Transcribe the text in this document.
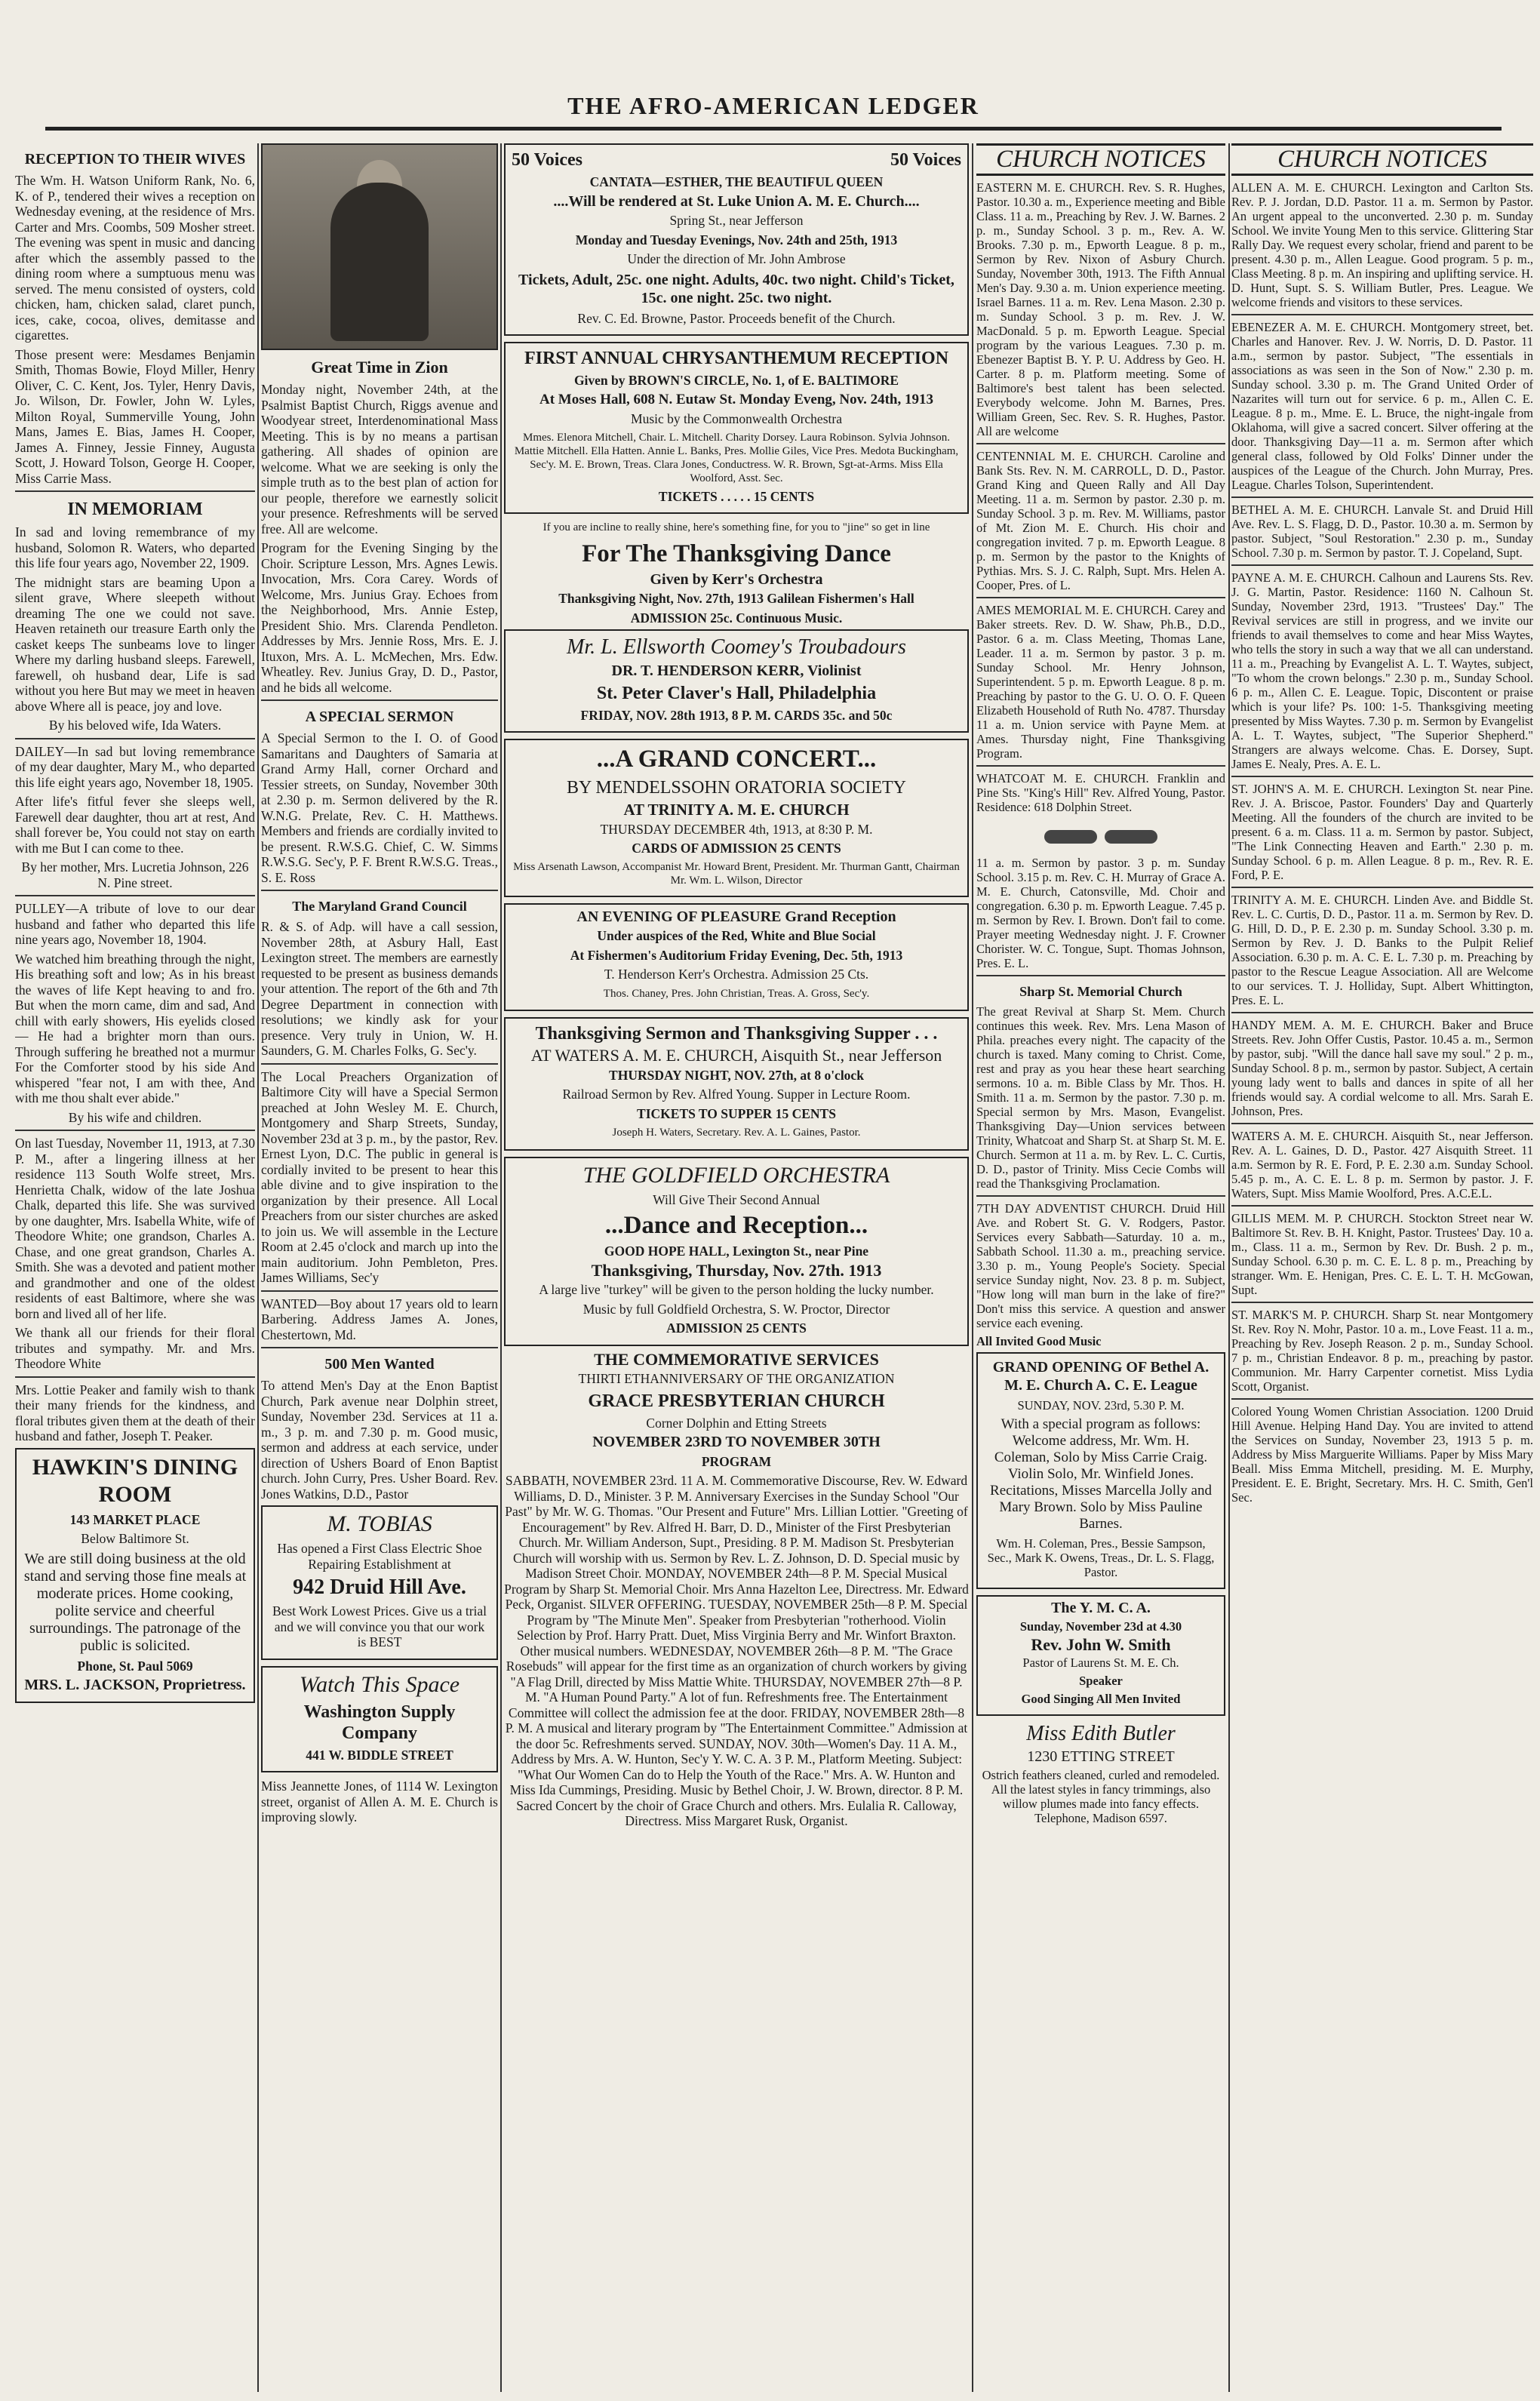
THE AFRO-AMERICAN LEDGER
RECEPTION TO THEIR WIVES

The Wm. H. Watson Uniform Rank, No. 6, K. of P., tendered their wives a reception on Wednesday evening, at the residence of Mrs. Carter and Mrs. Coombs, 509 Mosher street. The evening was spent in music and dancing after which the assembly passed to the dining room where a sumptuous menu was served. The menu consisted of oysters, cold chicken, ham, chicken salad, claret punch, ices, cake, cocoa, olives, demitasse and cigarettes.

Those present were: Mesdames Benjamin Smith, Thomas Bowie, Floyd Miller, Henry Oliver, C. C. Kent, Jos. Tyler, Henry Davis, Jo. Wilson, Dr. Fowler, John W. Lyles, Milton Royal, Summerville Young, John Mans, James E. Bias, James H. Cooper, James A. Finney, Jessie Finney, Augusta Scott, J. Howard Tolson, George H. Cooper, Miss Carrie Mass.

IN MEMORIAM

In sad and loving remembrance of my husband, Solomon R. Waters, who departed this life four years ago, November 22, 1909.

The midnight stars are beaming Upon a silent grave, Where sleepeth without dreaming The one we could not save. Heaven retaineth our treasure Earth only the casket keeps The sunbeams love to linger Where my darling husband sleeps. Farewell, farewell, oh husband dear, Life is sad without you here But may we meet in heaven above Where all is peace, joy and love.

By his beloved wife, Ida Waters.

DAILEY—In sad but loving remembrance of my dear daughter, Mary M., who departed this life eight years ago, November 18, 1905.

After life's fitful fever she sleeps well, Farewell dear daughter, thou art at rest, And shall forever be, You could not stay on earth with me But I can come to thee.

By her mother, Mrs. Lucretia Johnson, 226 N. Pine street.

PULLEY—A tribute of love to our dear husband and father who departed this life nine years ago, November 18, 1904.

We watched him breathing through the night, His breathing soft and low; As in his breast the waves of life Kept heaving to and fro. But when the morn came, dim and sad, And chill with early showers, His eyelids closed— He had a brighter morn than ours. Through suffering he breathed not a murmur For the Comforter stood by his side And whispered "fear not, I am with thee, And with me thou shalt ever abide."

By his wife and children.

On last Tuesday, November 11, 1913, at 7.30 P. M., after a lingering illness at her residence 113 South Wolfe street, Mrs. Henrietta Chalk, widow of the late Joshua Chalk, departed this life. She was survived by one daughter, Mrs. Isabella White, wife of Theodore White; one grandson, Charles A. Chase, and one great grandson, Charles A. Smith. She was a devoted and patient mother and grandmother and one of the oldest residents of east Baltimore, where she was born and lived all of her life.

We thank all our friends for their floral tributes and sympathy. Mr. and Mrs. Theodore White

Mrs. Lottie Peaker and family wish to thank their many friends for the kindness, and floral tributes given them at the death of their husband and father, Joseph T. Peaker.

HAWKIN'S DINING ROOM

143 MARKET PLACE

Below Baltimore St.

We are still doing business at the old stand and serving those fine meals at moderate prices. Home cooking, polite service and cheerful surroundings. The patronage of the public is solicited.

Phone, St. Paul 5069

MRS. L. JACKSON, Proprietress.

Great Time in Zion

Monday night, November 24th, at the Psalmist Baptist Church, Riggs avenue and Woodyear street, Interdenominational Mass Meeting. This is by no means a partisan gathering. All shades of opinion are welcome. What we are seeking is only the simple truth as to the best plan of action for our people, therefore we earnestly solicit your presence. Refreshments will be served free. All are welcome.

Program for the Evening Singing by the Choir. Scripture Lesson, Mrs. Agnes Lewis. Invocation, Mrs. Cora Carey. Words of Welcome, Mrs. Junius Gray. Echoes from the Neighborhood, Mrs. Annie Estep, President Shio. Mrs. Clarenda Pendleton. Addresses by Mrs. Jennie Ross, Mrs. E. J. Ituxon, Mrs. A. L. McMechen, Mrs. Edw. Wheatley. Rev. Junius Gray, D. D., Pastor, and he bids all welcome.

A SPECIAL SERMON

A Special Sermon to the I. O. of Good Samaritans and Daughters of Samaria at Grand Army Hall, corner Orchard and Tessier streets, on Sunday, November 30th at 2.30 p. m. Sermon delivered by the R. W.N.G. Prelate, Rev. C. H. Matthews. Members and friends are cordially invited to be present. R.W.S.G. Chief, C. W. Simms R.W.S.G. Sec'y, P. F. Brent R.W.S.G. Treas., S. E. Ross

The Maryland Grand Council

R. & S. of Adp. will have a call session, November 28th, at Asbury Hall, East Lexington street. The members are earnestly requested to be present as business demands your attention. The report of the 6th and 7th Degree Department in connection with resolutions; we kindly ask for your presence. Very truly in Union, W. H. Saunders, G. M. Charles Folks, G. Sec'y.

The Local Preachers Organization of Baltimore City will have a Special Sermon preached at John Wesley M. E. Church, Montgomery and Sharp Streets, Sunday, November 23d at 3 p. m., by the pastor, Rev. Ernest Lyon, D.C. The public in general is cordially invited to be present to hear this able divine and to give inspiration to the organization by their presence. All Local Preachers from our sister churches are asked to join us. We will assemble in the Lecture Room at 2.45 o'clock and march up into the main auditorium. John Pembleton, Pres. James Williams, Sec'y

WANTED—Boy about 17 years old to learn Barbering. Address James A. Jones, Chestertown, Md.

500 Men Wanted

To attend Men's Day at the Enon Baptist Church, Park avenue near Dolphin street, Sunday, November 23d. Services at 11 a. m., 3 p. m. and 7.30 p. m. Good music, sermon and address at each service, under direction of Ushers Board of Enon Baptist church. John Curry, Pres. Usher Board. Rev. Jones Watkins, D.D., Pastor

M. TOBIAS

Has opened a First Class Electric Shoe Repairing Establishment at

942 Druid Hill Ave.

Best Work Lowest Prices. Give us a trial and we will convince you that our work is BEST

Watch This Space

Washington Supply Company

441 W. BIDDLE STREET

Miss Jeannette Jones, of 1114 W. Lexington street, organist of Allen A. M. E. Church is improving slowly.

50 Voices	50 Voices

CANTATA—ESTHER, THE BEAUTIFUL QUEEN

....Will be rendered at St. Luke Union A. M. E. Church....

Spring St., near Jefferson

Monday and Tuesday Evenings, Nov. 24th and 25th, 1913

Under the direction of Mr. John Ambrose

Tickets, Adult, 25c. one night. Adults, 40c. two night. Child's Ticket, 15c. one night. 25c. two night.

Rev. C. Ed. Browne, Pastor. Proceeds benefit of the Church.

FIRST ANNUAL CHRYSANTHEMUM RECEPTION

Given by BROWN'S CIRCLE, No. 1, of E. BALTIMORE

At Moses Hall, 608 N. Eutaw St. Monday Eveng, Nov. 24th, 1913

Music by the Commonwealth Orchestra

Mmes. Elenora Mitchell, Chair. L. Mitchell. Charity Dorsey. Laura Robinson. Sylvia Johnson. Mattie Mitchell. Ella Hatten. Annie L. Banks, Pres. Mollie Giles, Vice Pres. Medota Buckingham, Sec'y. M. E. Brown, Treas. Clara Jones, Conductress. W. R. Brown, Sgt-at-Arms. Miss Ella Woolford, Asst. Sec.

TICKETS . . . . . 15 CENTS

If you are incline to really shine, here's something fine, for you to "jine" so get in line

For The Thanksgiving Dance

Given by Kerr's Orchestra

Thanksgiving Night, Nov. 27th, 1913 Galilean Fishermen's Hall

ADMISSION 25c. Continuous Music.

Mr. L. Ellsworth Coomey's Troubadours

DR. T. HENDERSON KERR, Violinist

St. Peter Claver's Hall, Philadelphia

FRIDAY, NOV. 28th 1913, 8 P. M. CARDS 35c. and 50c

...A GRAND CONCERT...

BY MENDELSSOHN ORATORIA SOCIETY

AT TRINITY A. M. E. CHURCH

THURSDAY DECEMBER 4th, 1913, at 8:30 P. M.

CARDS OF ADMISSION 25 CENTS

Miss Arsenath Lawson, Accompanist Mr. Howard Brent, President. Mr. Thurman Gantt, Chairman Mr. Wm. L. Wilson, Director

AN EVENING OF PLEASURE Grand Reception

Under auspices of the Red, White and Blue Social

At Fishermen's Auditorium Friday Evening, Dec. 5th, 1913

T. Henderson Kerr's Orchestra. Admission 25 Cts.

Thos. Chaney, Pres. John Christian, Treas. A. Gross, Sec'y.

Thanksgiving Sermon and Thanksgiving Supper . . .

AT WATERS A. M. E. CHURCH, Aisquith St., near Jefferson

THURSDAY NIGHT, NOV. 27th, at 8 o'clock

Railroad Sermon by Rev. Alfred Young. Supper in Lecture Room.

TICKETS TO SUPPER 15 CENTS

Joseph H. Waters, Secretary. Rev. A. L. Gaines, Pastor.

THE GOLDFIELD ORCHESTRA

Will Give Their Second Annual

...Dance and Reception...

GOOD HOPE HALL, Lexington St., near Pine

Thanksgiving, Thursday, Nov. 27th. 1913

A large live "turkey" will be given to the person holding the lucky number.

Music by full Goldfield Orchestra, S. W. Proctor, Director

ADMISSION 25 CENTS

THE COMMEMORATIVE SERVICES

THIRTI ETHANNIVERSARY OF THE ORGANIZATION

GRACE PRESBYTERIAN CHURCH

Corner Dolphin and Etting Streets

NOVEMBER 23RD TO NOVEMBER 30TH

PROGRAM

SABBATH, NOVEMBER 23rd. 11 A. M. Commemorative Discourse, Rev. W. Edward Williams, D. D., Minister. 3 P. M. Anniversary Exercises in the Sunday School "Our Past" by Mr. W. G. Thomas. "Our Present and Future" Mrs. Lillian Lottier. "Greeting of Encouragement" by Rev. Alfred H. Barr, D. D., Minister of the First Presbyterian Church. Mr. William Anderson, Supt., Presiding. 8 P. M. Madison St. Presbyterian Church will worship with us. Sermon by Rev. L. Z. Johnson, D. D. Special music by Madison Street Choir. MONDAY, NOVEMBER 24th—8 P. M. Special Musical Program by Sharp St. Memorial Choir. Mrs Anna Hazelton Lee, Directress. Mr. Edward Peck, Organist. SILVER OFFERING. TUESDAY, NOVEMBER 25th—8 P. M. Special Program by "The Minute Men". Speaker from Presbyterian "rotherhood. Violin Selection by Prof. Harry Pratt. Duet, Miss Virginia Berry and Mr. Winfort Braxton. Other musical numbers. WEDNESDAY, NOVEMBER 26th—8 P. M. "The Grace Rosebuds" will appear for the first time as an organization of church workers by giving "A Flag Drill, directed by Miss Mattie White. THURSDAY, NOVEMBER 27th—8 P. M. "A Human Pound Party." A lot of fun. Refreshments free. The Entertainment Committee will collect the admission fee at the door. FRIDAY, NOVEMBER 28th—8 P. M. A musical and literary program by "The Entertainment Committee." Admission at the door 5c. Refreshments served. SUNDAY, NOV. 30th—Women's Day. 11 A. M., Address by Mrs. A. W. Hunton, Sec'y Y. W. C. A. 3 P. M., Platform Meeting. Subject: "What Our Women Can do to Help the Youth of the Race." Mrs. A. W. Hunton and Miss Ida Cummings, Presiding. Music by Bethel Choir, J. W. Brown, director. 8 P. M. Sacred Concert by the choir of Grace Church and others. Mrs. Eulalia R. Calloway, Directress. Miss Margaret Rusk, Organist.

CHURCH NOTICES

EASTERN M. E. CHURCH. Rev. S. R. Hughes, Pastor. 10.30 a. m., Experience meeting and Bible Class. 11 a. m., Preaching by Rev. J. W. Barnes. 2 p. m., Sunday School. 3 p. m., Rev. A. W. Brooks. 7.30 p. m., Epworth League. 8 p. m., Sermon by Rev. Nixon of Asbury Church. Sunday, November 30th, 1913. The Fifth Annual Men's Day. 9.30 a. m. Union experience meeting. Israel Barnes. 11 a. m. Rev. Lena Mason. 2.30 p. m. Sunday School. 3 p. m. Rev. J. W. MacDonald. 5 p. m. Epworth League. Special program by the various Leagues. 7.30 p. m. Ebenezer Baptist B. Y. P. U. Address by Geo. H. Carter. 8 p. m. Platform meeting. Some of Baltimore's best talent has been selected. Everybody welcome. John M. Barnes, Pres. William Green, Sec. Rev. S. R. Hughes, Pastor. All are welcome

CENTENNIAL M. E. CHURCH. Caroline and Bank Sts. Rev. N. M. CARROLL, D. D., Pastor. Grand King and Queen Rally and All Day Meeting. 11 a. m. Sermon by pastor. 2.30 p. m. Sunday School. 3 p. m. Rev. M. Williams, pastor of Mt. Zion M. E. Church. His choir and congregation invited. 7 p. m. Epworth League. 8 p. m. Sermon by the pastor to the Knights of Pythias. Mrs. S. J. C. Ralph, Supt. Mrs. Helen A. Cooper, Pres. of L.

AMES MEMORIAL M. E. CHURCH. Carey and Baker streets. Rev. D. W. Shaw, Ph.B., D.D., Pastor. 6 a. m. Class Meeting, Thomas Lane, Leader. 11 a. m. Sermon by pastor. 3 p. m. Sunday School. Mr. Henry Johnson, Superintendent. 5 p. m. Epworth League. 8 p. m. Preaching by pastor to the G. U. O. O. F. Queen Elizabeth Household of Ruth No. 4787. Thursday 11 a. m. Union service with Payne Mem. at Ames. Thursday night, Fine Thanksgiving Program.

WHATCOAT M. E. CHURCH. Franklin and Pine Sts. "King's Hill" Rev. Alfred Young, Pastor. Residence: 618 Dolphin Street.

11 a. m. Sermon by pastor. 3 p. m. Sunday School. 3.15 p. m. Rev. C. H. Murray of Grace A. M. E. Church, Catonsville, Md. Choir and congregation. 6.30 p. m. Epworth League. 7.45 p. m. Sermon by Rev. I. Brown. Don't fail to come. Prayer meeting Wednesday night. J. F. Crowner Chorister. W. C. Tongue, Supt. Thomas Johnson, Pres. E. L.

Sharp St. Memorial Church

The great Revival at Sharp St. Mem. Church continues this week. Rev. Mrs. Lena Mason of Phila. preaches every night. The capacity of the church is taxed. Many coming to Christ. Come, rest and pray as you hear these heart searching sermons. 10 a. m. Bible Class by Mr. Thos. H. Smith. 11 a. m. Sermon by the pastor. 7.30 p. m. Special sermon by Mrs. Mason, Evangelist. Thanksgiving Day—Union services between Trinity, Whatcoat and Sharp St. at Sharp St. M. E. Church. Sermon at 11 a. m. by Rev. L. C. Curtis, D. D., pastor of Trinity. Miss Cecie Combs will read the Thanksgiving Proclamation.

7TH DAY ADVENTIST CHURCH. Druid Hill Ave. and Robert St. G. V. Rodgers, Pastor. Services every Sabbath—Saturday. 10 a. m., Sabbath School. 11.30 a. m., preaching service. 3.30 p. m., Young People's Society. Special service Sunday night, Nov. 23. 8 p. m. Subject, "How long will man burn in the lake of fire?" Don't miss this service. A question and answer service each evening.

All Invited Good Music

GRAND OPENING OF Bethel A. M. E. Church A. C. E. League

SUNDAY, NOV. 23rd, 5.30 P. M.

With a special program as follows: Welcome address, Mr. Wm. H. Coleman, Solo by Miss Carrie Craig. Violin Solo, Mr. Winfield Jones. Recitations, Misses Marcella Jolly and Mary Brown. Solo by Miss Pauline Barnes.

Wm. H. Coleman, Pres., Bessie Sampson, Sec., Mark K. Owens, Treas., Dr. L. S. Flagg, Pastor.

The Y. M. C. A.

Sunday, November 23d at 4.30

Rev. John W. Smith

Pastor of Laurens St. M. E. Ch.

Speaker

Good Singing All Men Invited

Miss Edith Butler

1230 ETTING STREET

Ostrich feathers cleaned, curled and remodeled. All the latest styles in fancy trimmings, also willow plumes made into fancy effects. Telephone, Madison 6597.

CHURCH NOTICES

ALLEN A. M. E. CHURCH. Lexington and Carlton Sts. Rev. P. J. Jordan, D.D. Pastor. 11 a. m. Sermon by Pastor. An urgent appeal to the unconverted. 2.30 p. m. Sunday School. We invite Young Men to this service. Glittering Star Rally Day. We request every scholar, friend and parent to be present. 4.30 p. m., Allen League. Good program. 5 p. m., Class Meeting. 8 p. m. An inspiring and uplifting service. H. D. Hunt, Supt. S. S. William Butler, Pres. League. We welcome friends and visitors to these services.

EBENEZER A. M. E. CHURCH. Montgomery street, bet. Charles and Hanover. Rev. J. W. Norris, D. D. Pastor. 11 a.m., sermon by pastor. Subject, "The essentials in associations as was seen in the Son of Now." 2.30 p. m. Sunday school. 3.30 p. m. The Grand United Order of Nazarites will turn out for service. 6 p. m., Allen C. E. League. 8 p. m., Mme. E. L. Bruce, the night-ingale from Oklahoma, will give a sacred concert. Silver offering at the door. Thanksgiving Day—11 a. m. Sermon after which general class, followed by Old Folks' Dinner under the auspices of the League of the Church. John Murray, Pres. League. Charles Tolson, Superintendent.

BETHEL A. M. E. CHURCH. Lanvale St. and Druid Hill Ave. Rev. L. S. Flagg, D. D., Pastor. 10.30 a. m. Sermon by pastor. Subject, "Soul Restoration." 2.30 p. m., Sunday School. 7.30 p. m. Sermon by pastor. T. J. Copeland, Supt.

PAYNE A. M. E. CHURCH. Calhoun and Laurens Sts. Rev. J. G. Martin, Pastor. Residence: 1160 N. Calhoun St. Sunday, November 23rd, 1913. "Trustees' Day." The Revival services are still in progress, and we invite our friends to avail themselves to come and hear Miss Waytes, who tells the story in such a way that we all can understand. 11 a. m., Preaching by Evangelist A. L. T. Waytes, subject, "To whom the crown belongs." 2.30 p. m., Sunday School. 6 p. m., Allen C. E. League. Topic, Discontent or praise which is your life? Ps. 100: 1-5. Thanksgiving meeting presented by Miss Waytes. 7.30 p. m. Sermon by Evangelist A. L. T. Waytes, subject, "The Superior Shepherd." Strangers are always welcome. Chas. E. Dorsey, Supt. James E. Nealy, Pres. A. E. L.

ST. JOHN'S A. M. E. CHURCH. Lexington St. near Pine. Rev. J. A. Briscoe, Pastor. Founders' Day and Quarterly Meeting. All the founders of the church are invited to be present. 6 a. m. Class. 11 a. m. Sermon by pastor. Subject, "The Link Connecting Heaven and Earth." 2.30 p. m. Sunday School. 6 p. m. Allen League. 8 p. m., Rev. R. E. Ford, P. E.

TRINITY A. M. E. CHURCH. Linden Ave. and Biddle St. Rev. L. C. Curtis, D. D., Pastor. 11 a. m. Sermon by Rev. D. G. Hill, D. D., P. E. 2.30 p. m. Sunday School. 3.30 p. m. Sermon by Rev. J. D. Banks to the Pulpit Relief Association. 6.30 p. m. A. C. E. L. 7.30 p. m. Preaching by pastor to the Rescue League Association. All are Welcome to our services. T. J. Holliday, Supt. Albert Whittington, Pres. E. L.

HANDY MEM. A. M. E. CHURCH. Baker and Bruce Streets. Rev. John Offer Custis, Pastor. 10.45 a. m., Sermon by pastor, subj. "Will the dance hall save my soul." 2 p. m., Sunday School. 8 p. m., sermon by pastor. Subject, A certain young lady went to balls and dances in spite of all her friends would say. A cordial welcome to all. Mrs. Sarah E. Johnson, Pres.

WATERS A. M. E. CHURCH. Aisquith St., near Jefferson. Rev. A. L. Gaines, D. D., Pastor. 427 Aisquith Street. 11 a.m. Sermon by R. E. Ford, P. E. 2.30 a.m. Sunday School. 5.45 p. m., A. C. E. L. 8 p. m. Sermon by pastor. J. F. Waters, Supt. Miss Mamie Woolford, Pres. A.C.E.L.

GILLIS MEM. M. P. CHURCH. Stockton Street near W. Baltimore St. Rev. B. H. Knight, Pastor. Trustees' Day. 10 a. m., Class. 11 a. m., Sermon by Rev. Dr. Bush. 2 p. m., Sunday School. 6.30 p. m. C. E. L. 8 p. m., Preaching by stranger. Wm. E. Henigan, Pres. C. E. L. T. H. McGowan, Supt.

ST. MARK'S M. P. CHURCH. Sharp St. near Montgomery St. Rev. Roy N. Mohr, Pastor. 10 a. m., Love Feast. 11 a. m., Preaching by Rev. Joseph Reason. 2 p. m., Sunday School. 7 p. m., Christian Endeavor. 8 p. m., preaching by pastor. Communion. Mr. Harry Carpenter cornetist. Miss Lydia Scott, Organist.

Colored Young Women Christian Association. 1200 Druid Hill Avenue. Helping Hand Day. You are invited to attend the Services on Sunday, November 23, 1913 5 p. m. Address by Miss Marguerite Williams. Paper by Miss Mary Beall. Miss Emma Mitchell, presiding. M. E. Murphy, President. E. E. Bright, Secretary. Mrs. H. C. Smith, Gen'l Sec.
